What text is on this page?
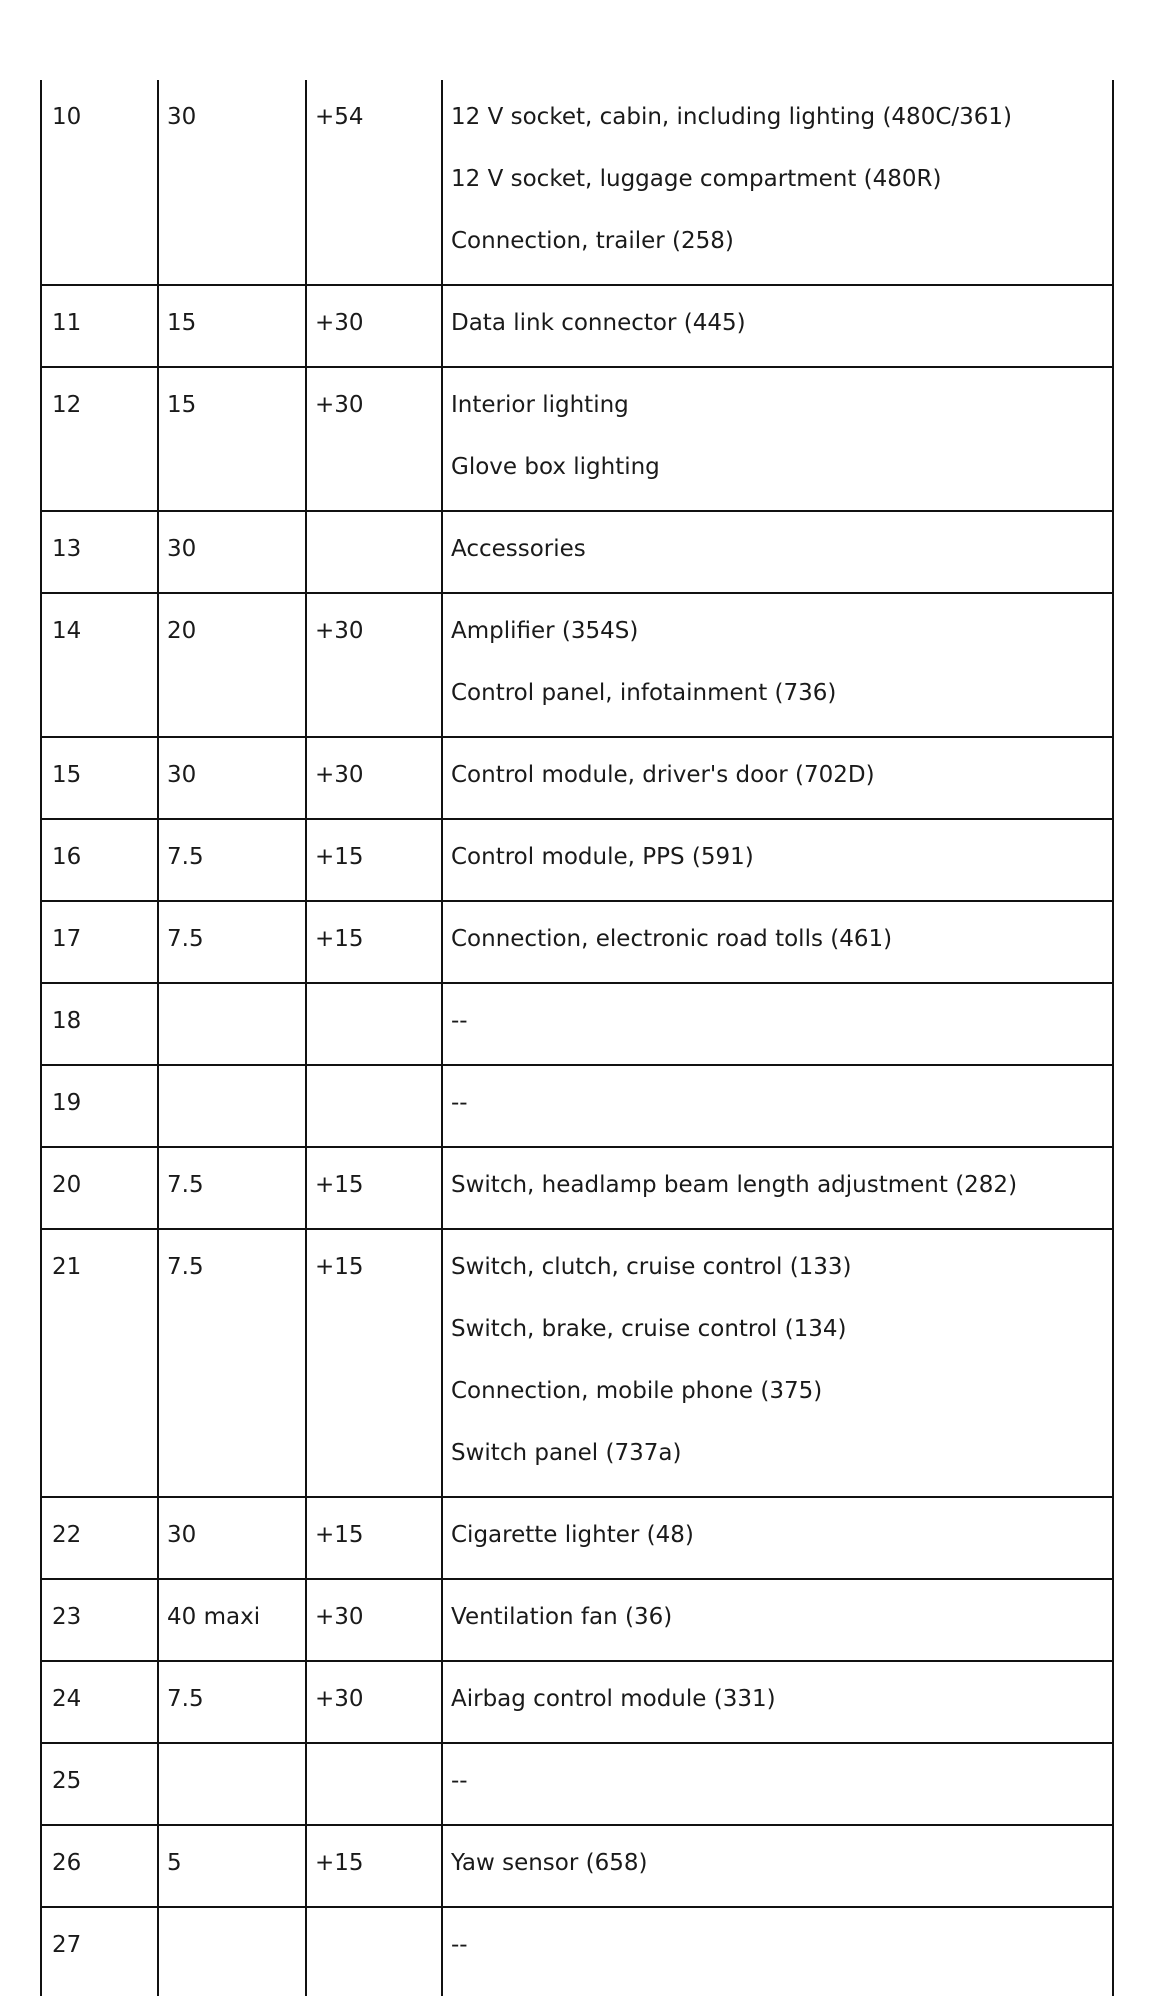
10	30	+54	12 V socket, cabin, including lighting (480C/361)
12 V socket, luggage compartment (480R)
Connection, trailer (258)

11	15	+30	Data link connector (445)

12	15	+30	Interior lighting
Glove box lighting

13	30		Accessories

14	20	+30	Amplifier (354S)
Control panel, infotainment (736)

15	30	+30	Control module, driver's door (702D)

16	7.5	+15	Control module, PPS (591)

17	7.5	+15	Connection, electronic road tolls (461)

18			--

19			--

20	7.5	+15	Switch, headlamp beam length adjustment (282)

21	7.5	+15	Switch, clutch, cruise control (133)
Switch, brake, cruise control (134)
Connection, mobile phone (375)
Switch panel (737a)

22	30	+15	Cigarette lighter (48)

23	40 maxi	+30	Ventilation fan (36)

24	7.5	+30	Airbag control module (331)

25			--

26	5	+15	Yaw sensor (658)

27			--
